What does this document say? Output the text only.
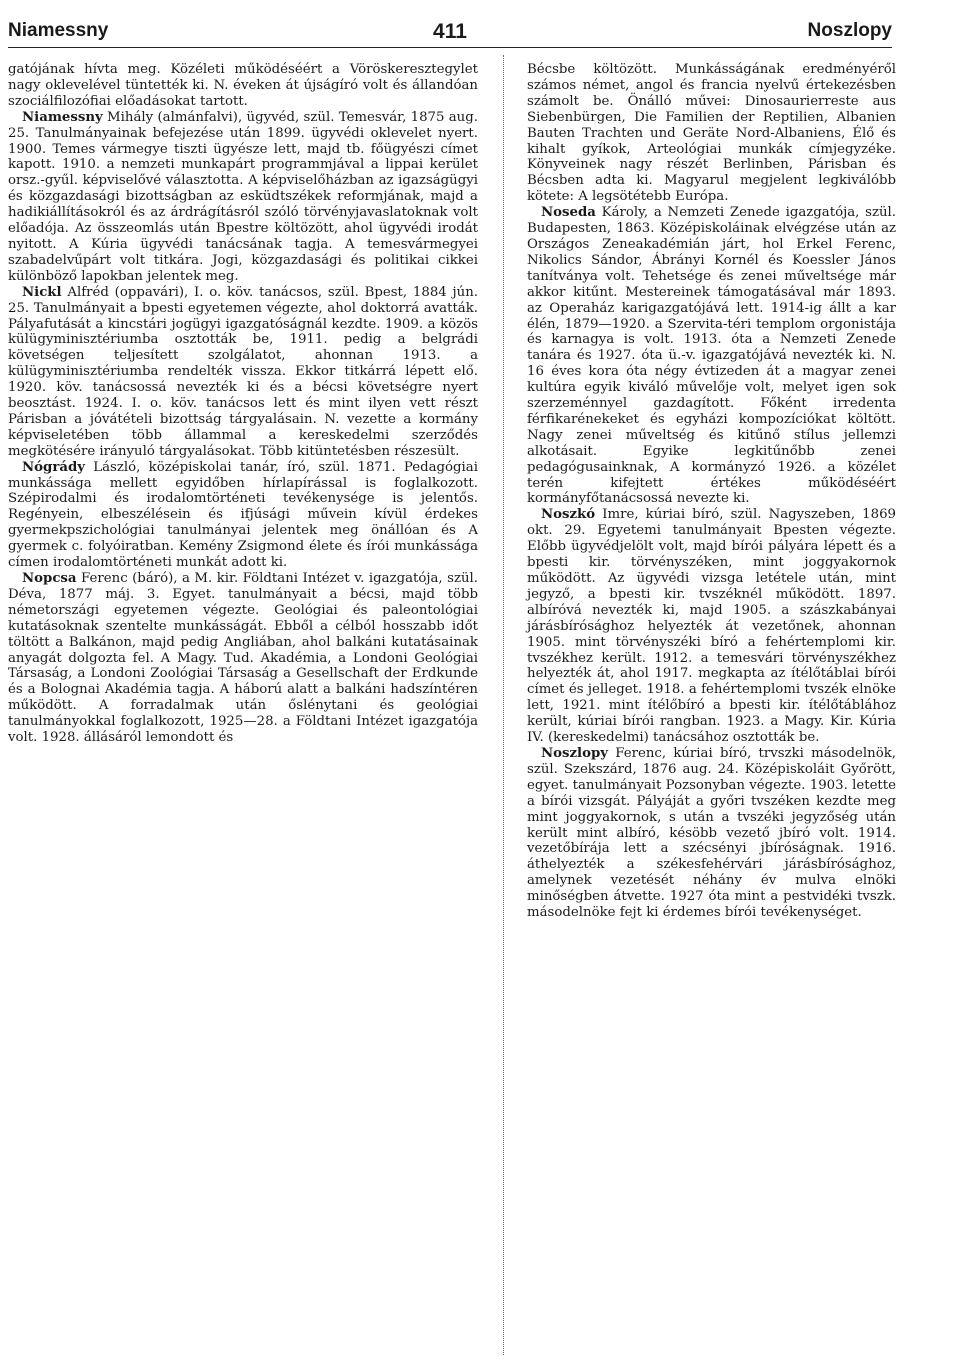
Niamessny	411	Noszlopy

gatójának hívta meg. Közéleti működéséért a Vöröskeresztegylet nagy oklevelével tüntették ki. N. éveken át újságíró volt és állandóan szociálfilozófiai előadásokat tartott.

Niamessny Mihály (almánfalvi), ügyvéd, szül. Temesvár, 1875 aug. 25. Tanulmányainak befejezése után 1899. ügyvédi oklevelet nyert. 1900. Temes vármegye tiszti ügyésze lett, majd tb. főügyészi címet kapott. 1910. a nemzeti munkapárt programmjával a lippai kerület orsz.-gyűl. képviselővé választotta. A képviselőházban az igazságügyi és közgazdasági bizottságban az esküdtszékek reformjának, majd a hadikiállításokról és az árdrágításról szóló törvényjavaslatoknak volt előadója. Az összeomlás után Bpestre költözött, ahol ügyvédi irodát nyitott. A Kúria ügyvédi tanácsának tagja. A temesvármegyei szabadelvűpárt volt titkára. Jogi, közgazdasági és politikai cikkei különböző lapokban jelentek meg.

Nickl Alfréd (oppavári), I. o. köv. tanácsos, szül. Bpest, 1884 jún. 25. Tanulmányait a bpesti egyetemen végezte, ahol doktorrá avatták. Pályafutását a kincstári jogügyi igazgatóságnál kezdte. 1909. a közös külügyminisztériumba osztották be, 1911. pedig a belgrádi követségen teljesített szolgálatot, ahonnan 1913. a külügyminisztériumba rendelték vissza. Ekkor titkárrá lépett elő. 1920. köv. tanácsossá nevezték ki és a bécsi követségre nyert beosztást. 1924. I. o. köv. tanácsos lett és mint ilyen vett részt Párisban a jóvátételi bizottság tárgyalásain. N. vezette a kormány képviseletében több állammal a kereskedelmi szerződés megkötésére irányuló tárgyalásokat. Több kitüntetésben részesült.

Nógrády László, középiskolai tanár, író, szül. 1871. Pedagógiai munkássága mellett egyidőben hírlapírással is foglalkozott. Szépirodalmi és irodalomtörténeti tevékenysége is jelentős. Regényein, elbeszélésein és ifjúsági művein kívül érdekes gyermekpszichológiai tanulmányai jelentek meg önállóan és A gyermek c. folyóiratban. Kemény Zsigmond élete és írói munkássága címen irodalomtörténeti munkát adott ki.

Nopcsa Ferenc (báró), a M. kir. Földtani Intézet v. igazgatója, szül. Déva, 1877 máj. 3. Egyet. tanulmányait a bécsi, majd több németországi egyetemen végezte. Geológiai és paleontológiai kutatásoknak szentelte munkásságát. Ebből a célból hosszabb időt töltött a Balkánon, majd pedig Angliában, ahol balkáni kutatásainak anyagát dolgozta fel. A Magy. Tud. Akadémia, a Londoni Geológiai Társaság, a Londoni Zoológiai Társaság a Gesellschaft der Erdkunde és a Bolognai Akadémia tagja. A háború alatt a balkáni hadszíntéren működött. A forradalmak után őslénytani és geológiai tanulmányokkal foglalkozott, 1925—28. a Földtani Intézet igazgatója volt. 1928. állásáról lemondott és

Bécsbe költözött. Munkásságának eredményéről számos német, angol és francia nyelvű értekezésben számolt be. Önálló művei: Dinosaurierreste aus Siebenbürgen, Die Familien der Reptilien, Albanien Bauten Trachten und Geräte Nord-Albaniens, Élő és kihalt gyíkok, Arteológiai munkák címjegyzéke. Könyveinek nagy részét Berlinben, Párisban és Bécsben adta ki. Magyarul megjelent legkiválóbb kötete: A legsötétebb Európa.

Noseda Károly, a Nemzeti Zenede igazgatója, szül. Budapesten, 1863. Középiskoláinak elvégzése után az Országos Zeneakadémián járt, hol Erkel Ferenc, Nikolics Sándor, Ábrányi Kornél és Koessler János tanítványa volt. Tehetsége és zenei műveltsége már akkor kitűnt. Mestereinek támogatásával már 1893. az Operaház karigazgatójává lett. 1914-ig állt a kar élén, 1879—1920. a Szervita-téri templom orgonistája és karnagya is volt. 1913. óta a Nemzeti Zenede tanára és 1927. óta ü.-v. igazgatójává nevezték ki. N. 16 éves kora óta négy évtizeden át a magyar zenei kultúra egyik kiváló művelője volt, melyet igen sok szerzeménnyel gazdagított. Főként irredenta férfikarénekeket és egyházi kompozíciókat költött. Nagy zenei műveltség és kitűnő stílus jellemzi alkotásait. Egyike legkitűnőbb zenei pedagógusainknak, A kormányzó 1926. a közélet terén kifejtett értékes működéséért kormányfőtanácsossá nevezte ki.

Noszkó Imre, kúriai bíró, szül. Nagyszeben, 1869 okt. 29. Egyetemi tanulmányait Bpesten végezte. Előbb ügyvédjelölt volt, majd bírói pályára lépett és a bpesti kir. törvényszéken, mint joggyakornok működött. Az ügyvédi vizsga letétele után, mint jegyző, a bpesti kir. tvszéknél működött. 1897. albíróvá nevezték ki, majd 1905. a szászkabányai járásbírósághoz helyezték át vezetőnek, ahonnan 1905. mint törvényszéki bíró a fehértemplomi kir. tvszékhez került. 1912. a temesvári törvényszékhez helyezték át, ahol 1917. megkapta az ítélőtáblai bírói címet és jelleget. 1918. a fehértemplomi tvszék elnöke lett, 1921. mint ítélőbíró a bpesti kir. ítélőtáblához került, kúriai bírói rangban. 1923. a Magy. Kir. Kúria IV. (kereskedelmi) tanácsához osztották be.

Noszlopy Ferenc, kúriai bíró, trvszki másodelnök, szül. Szekszárd, 1876 aug. 24. Középiskoláit Győrött, egyet. tanulmányait Pozsonyban végezte. 1903. letette a bírói vizsgát. Pályáját a győri tvszéken kezdte meg mint joggyakornok, s után a tvszéki jegyzőség után került mint albíró, késöbb vezető jbíró volt. 1914. vezetőbírája lett a szécsényi jbíróságnak. 1916. áthelyezték a székesfehérvári járásbírósághoz, amelynek vezetését néhány év mulva elnöki minőségben átvette. 1927 óta mint a pestvidéki tvszk. másodelnöke fejt ki érdemes bírói tevékenységet.
